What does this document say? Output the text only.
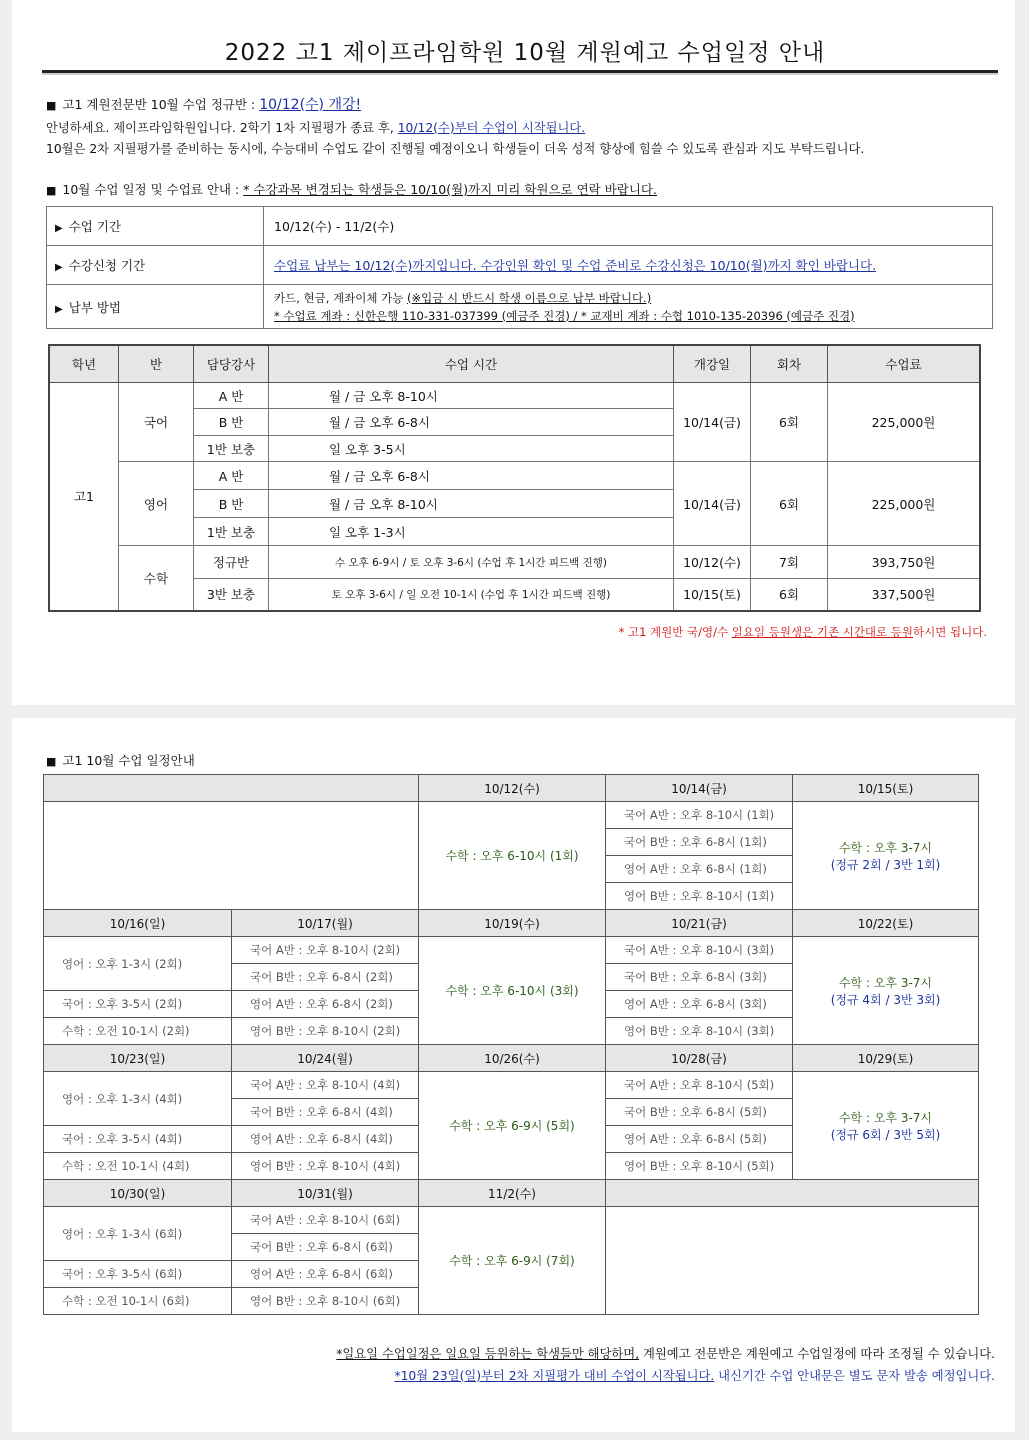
2022 고1 제이프라임학원 10월 계원예고 수업일정 안내
■ 고1 계원전문반 10월 수업 정규반 : 10/12(수) 개강!
안녕하세요. 제이프라임학원입니다. 2학기 1차 지필평가 종료 후, 10/12(수)부터 수업이 시작됩니다.
10월은 2차 지필평가를 준비하는 동시에, 수능대비 수업도 같이 진행될 예정이오니 학생들이 더욱 성적 향상에 힘쓸 수 있도록 관심과 지도 부탁드립니다.
■ 10월 수업 일정 및 수업료 안내 : * 수강과목 변경되는 학생들은 10/10(월)까지 미리 학원으로 연락 바랍니다.
▶ 수업 기간	10/12(수) - 11/2(수)
▶ 수강신청 기간	수업료 납부는 10/12(수)까지입니다. 수강인원 확인 및 수업 준비로 수강신청은 10/10(월)까지 확인 바랍니다.
▶ 납부 방법	카드, 현금, 계좌이체 가능 (※입금 시 반드시 학생 이름으로 납부 바랍니다.)
* 수업료 계좌 : 신한은행 110-331-037399 (예금주 진경) / * 교재비 계좌 : 수협 1010-135-20396 (예금주 진경)
학년	반	담당강사	수업 시간	개강일	회차	수업료
고1	국어	A 반	월 / 금 오후 8-10시	10/14(금)	6회	225,000원
		B 반	월 / 금 오후 6-8시			
		1반 보충	일 오후 3-5시			
	영어	A 반	월 / 금 오후 6-8시	10/14(금)	6회	225,000원
		B 반	월 / 금 오후 8-10시			
		1반 보충	일 오후 1-3시			
	수학	정규반	수 오후 6-9시 / 토 오후 3-6시 (수업 후 1시간 피드백 진행)	10/12(수)	7회	393,750원
		3반 보충	토 오후 3-6시 / 일 오전 10-1시 (수업 후 1시간 피드백 진행)	10/15(토)	6회	337,500원
* 고1 계원반 국/영/수 일요일 등원생은 기존 시간대로 등원하시면 됩니다.
■ 고1 10월 수업 일정안내
		10/12(수)	10/14(금)	10/15(토)
		수학 : 오후 6-10시 (1회)	국어 A반 : 오후 8-10시 (1회)	수학 : 오후 3-7시
(정규 2회 / 3반 1회)

			국어 B반 : 오후 6-8시 (1회)	
			영어 A반 : 오후 6-8시 (1회)	
			영어 B반 : 오후 8-10시 (1회)	
10/16(일)	10/17(월)	10/19(수)	10/21(금)	10/22(토)
영어 : 오후 1-3시 (2회)	국어 A반 : 오후 8-10시 (2회)	수학 : 오후 6-10시 (3회)	국어 A반 : 오후 8-10시 (3회)	수학 : 오후 3-7시
(정규 4회 / 3반 3회)

	국어 B반 : 오후 6-8시 (2회)		국어 B반 : 오후 6-8시 (3회)	
국어 : 오후 3-5시 (2회)	영어 A반 : 오후 6-8시 (2회)		영어 A반 : 오후 6-8시 (3회)	
수학 : 오전 10-1시 (2회)	영어 B반 : 오후 8-10시 (2회)		영어 B반 : 오후 8-10시 (3회)	
10/23(일)	10/24(월)	10/26(수)	10/28(금)	10/29(토)
영어 : 오후 1-3시 (4회)	국어 A반 : 오후 8-10시 (4회)	수학 : 오후 6-9시 (5회)	국어 A반 : 오후 8-10시 (5회)	수학 : 오후 3-7시
(정규 6회 / 3반 5회)

	국어 B반 : 오후 6-8시 (4회)		국어 B반 : 오후 6-8시 (5회)	
국어 : 오후 3-5시 (4회)	영어 A반 : 오후 6-8시 (4회)		영어 A반 : 오후 6-8시 (5회)	
수학 : 오전 10-1시 (4회)	영어 B반 : 오후 8-10시 (4회)		영어 B반 : 오후 8-10시 (5회)	
10/30(일)	10/31(월)	11/2(수)		
영어 : 오후 1-3시 (6회)	국어 A반 : 오후 8-10시 (6회)	수학 : 오후 6-9시 (7회)		
	국어 B반 : 오후 6-8시 (6회)			
국어 : 오후 3-5시 (6회)	영어 A반 : 오후 6-8시 (6회)			
수학 : 오전 10-1시 (6회)	영어 B반 : 오후 8-10시 (6회)			
*일요일 수업일정은 일요일 등원하는 학생들만 해당하며, 계원예고 전문반은 계원예고 수업일정에 따라 조정될 수 있습니다.
*10월 23일(일)부터 2차 지필평가 대비 수업이 시작됩니다. 내신기간 수업 안내문은 별도 문자 발송 예정입니다.
